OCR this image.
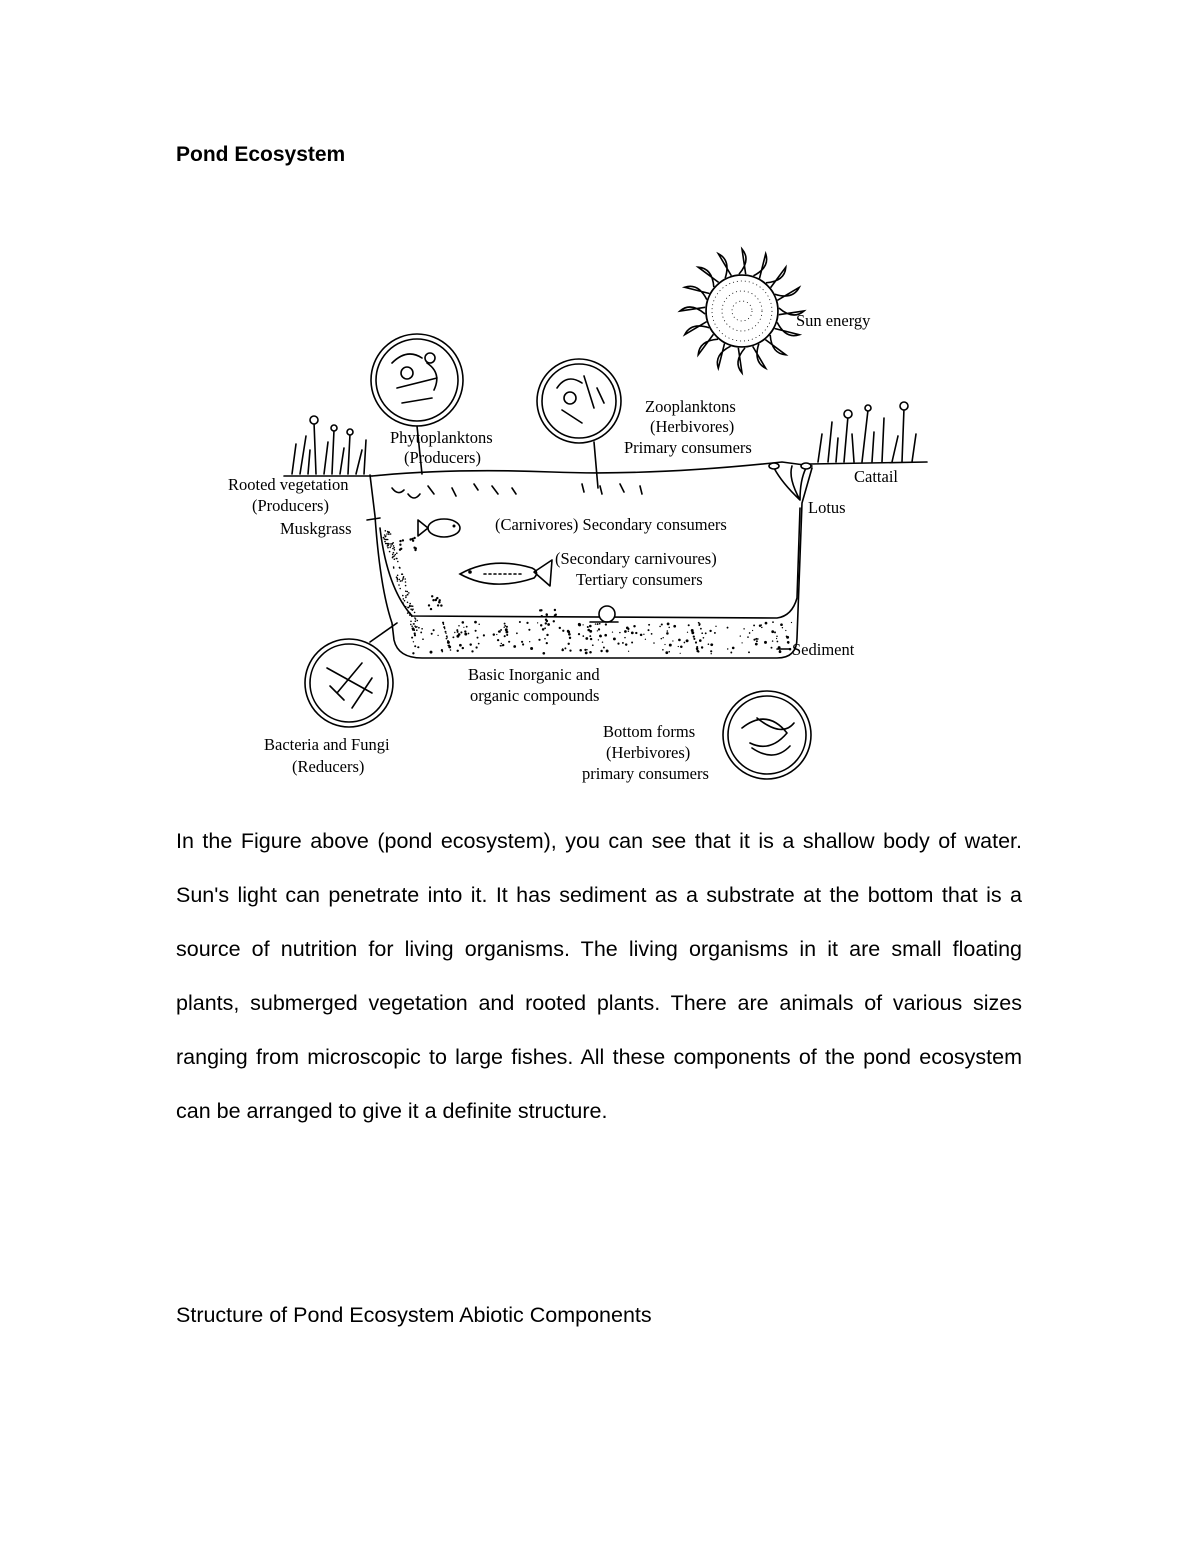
Pond Ecosystem
Sun energy
Zooplanktons
(Herbivores)
Primary consumers
Phytoplanktons
(Producers)
Rooted vegetation
(Producers)
Muskgrass
Cattail
Lotus
(Carnivores) Secondary consumers
(Secondary carnivoures)
Tertiary consumers
Sediment
Basic Inorganic and
organic compounds
Bacteria and Fungi
(Reducers)
Bottom forms
(Herbivores)
primary consumers

In the Figure above (pond ecosystem), you can see that it is a shallow body of water. Sun's light can penetrate into it. It has sediment as a substrate at the bottom that is a source of nutrition for living organisms. The living organisms in it are small floating plants, submerged vegetation and rooted plants. There are animals of various sizes ranging from microscopic to large fishes. All these components of the pond ecosystem can be arranged to give it a definite structure.

Structure of Pond Ecosystem Abiotic Components
